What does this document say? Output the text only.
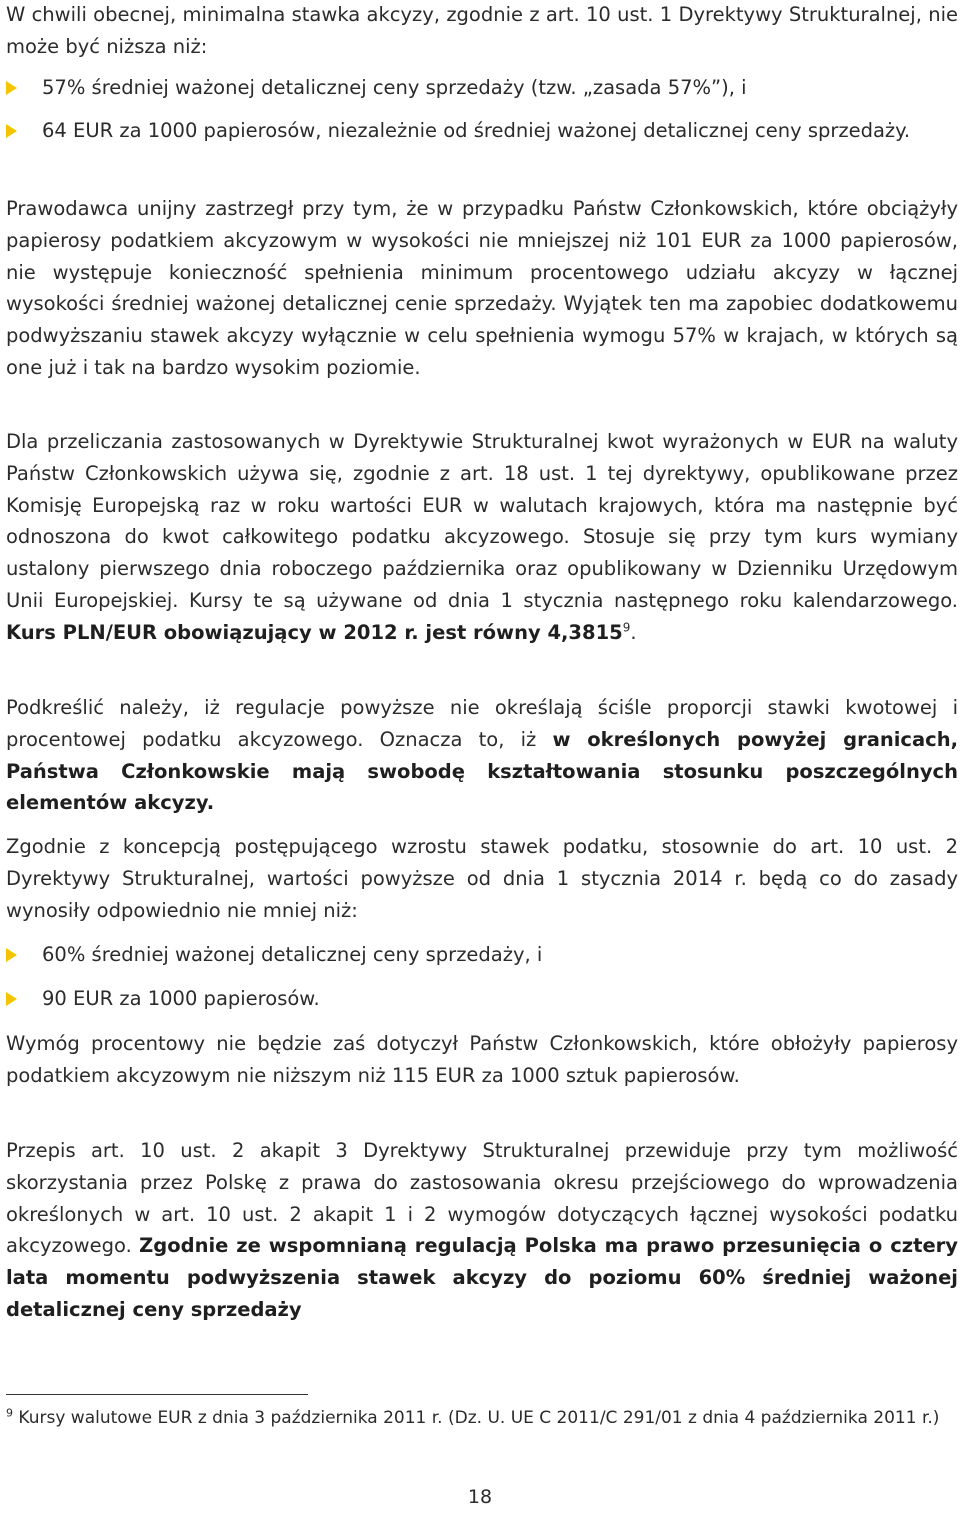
W chwili obecnej, minimalna stawka akcyzy, zgodnie z art. 10 ust. 1 Dyrektywy Strukturalnej, nie może być niższa niż:

57% średniej ważonej detalicznej ceny sprzedaży (tzw. „zasada 57%”), i
64 EUR za 1000 papierosów, niezależnie od średniej ważonej detalicznej ceny sprzedaży.

Prawodawca unijny zastrzegł przy tym, że w przypadku Państw Członkowskich, które obciążyły papierosy podatkiem akcyzowym w wysokości nie mniejszej niż 101 EUR za 1000 papierosów, nie występuje konieczność spełnienia minimum procentowego udziału akcyzy w łącznej wysokości średniej ważonej detalicznej cenie sprzedaży. Wyjątek ten ma zapobiec dodatkowemu podwyższaniu stawek akcyzy wyłącznie w celu spełnienia wymogu 57% w krajach, w których są one już i tak na bardzo wysokim poziomie.

Dla przeliczania zastosowanych w Dyrektywie Strukturalnej kwot wyrażonych w EUR na waluty Państw Członkowskich używa się, zgodnie z art. 18 ust. 1 tej dyrektywy, opublikowane przez Komisję Europejską raz w roku wartości EUR w walutach krajowych, która ma następnie być odnoszona do kwot całkowitego podatku akcyzowego. Stosuje się przy tym kurs wymiany ustalony pierwszego dnia roboczego października oraz opublikowany w Dzienniku Urzędowym Unii Europejskiej. Kursy te są używane od dnia 1 stycznia następnego roku kalendarzowego. Kurs PLN/EUR obowiązujący w 2012 r. jest równy 4,3815$^9$.

Podkreślić należy, iż regulacje powyższe nie określają ściśle proporcji stawki kwotowej i procentowej podatku akcyzowego. Oznacza to, iż w określonych powyżej granicach, Państwa Członkowskie mają swobodę kształtowania stosunku poszczególnych elementów akcyzy.

Zgodnie z koncepcją postępującego wzrostu stawek podatku, stosownie do art. 10 ust. 2 Dyrektywy Strukturalnej, wartości powyższe od dnia 1 stycznia 2014 r. będą co do zasady wynosiły odpowiednio nie mniej niż:

60% średniej ważonej detalicznej ceny sprzedaży, i
90 EUR za 1000 papierosów.

Wymóg procentowy nie będzie zaś dotyczył Państw Członkowskich, które obłożyły papierosy podatkiem akcyzowym nie niższym niż 115 EUR za 1000 sztuk papierosów.

Przepis art. 10 ust. 2 akapit 3 Dyrektywy Strukturalnej przewiduje przy tym możliwość skorzystania przez Polskę z prawa do zastosowania okresu przejściowego do wprowadzenia określonych w art. 10 ust. 2 akapit 1 i 2 wymogów dotyczących łącznej wysokości podatku akcyzowego. Zgodnie ze wspomnianą regulacją Polska ma prawo przesunięcia o cztery lata momentu podwyższenia stawek akcyzy do poziomu 60% średniej ważonej detalicznej ceny sprzedaży

$^9$ Kursy walutowe EUR z dnia 3 października 2011 r. (Dz. U. UE C 2011/C 291/01 z dnia 4 października 2011 r.)
18
